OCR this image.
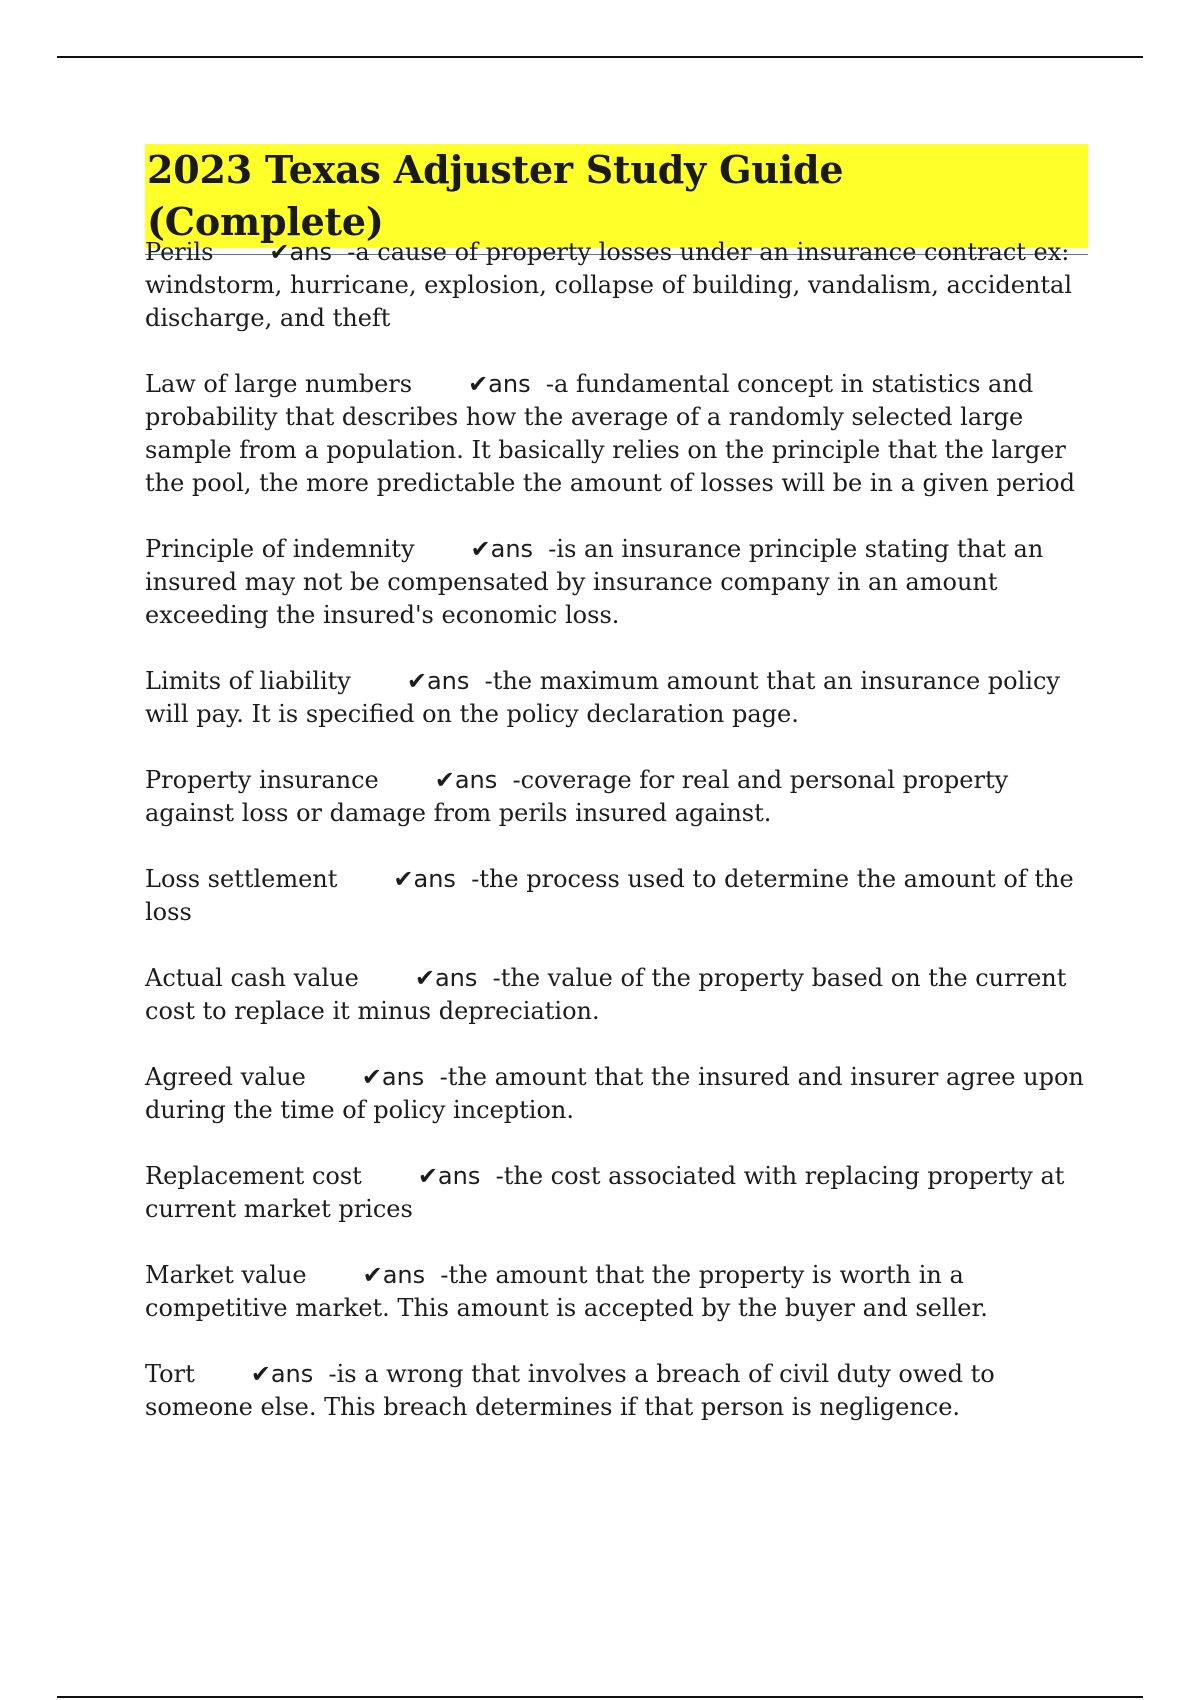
2023 Texas Adjuster Study Guide (Complete)

Perils ✔ans -a cause of property losses under an insurance contract ex: windstorm, hurricane, explosion, collapse of building, vandalism, accidental discharge, and theft

Law of large numbers ✔ans -a fundamental concept in statistics and probability that describes how the average of a randomly selected large sample from a population. It basically relies on the principle that the larger the pool, the more predictable the amount of losses will be in a given period

Principle of indemnity ✔ans -is an insurance principle stating that an insured may not be compensated by insurance company in an amount exceeding the insured's economic loss.

Limits of liability ✔ans -the maximum amount that an insurance policy will pay. It is specified on the policy declaration page.

Property insurance ✔ans -coverage for real and personal property against loss or damage from perils insured against.

Loss settlement ✔ans -the process used to determine the amount of the loss

Actual cash value ✔ans -the value of the property based on the current cost to replace it minus depreciation.

Agreed value ✔ans -the amount that the insured and insurer agree upon during the time of policy inception.

Replacement cost ✔ans -the cost associated with replacing property at current market prices

Market value ✔ans -the amount that the property is worth in a competitive market. This amount is accepted by the buyer and seller.

Tort ✔ans -is a wrong that involves a breach of civil duty owed to someone else. This breach determines if that person is negligence.
